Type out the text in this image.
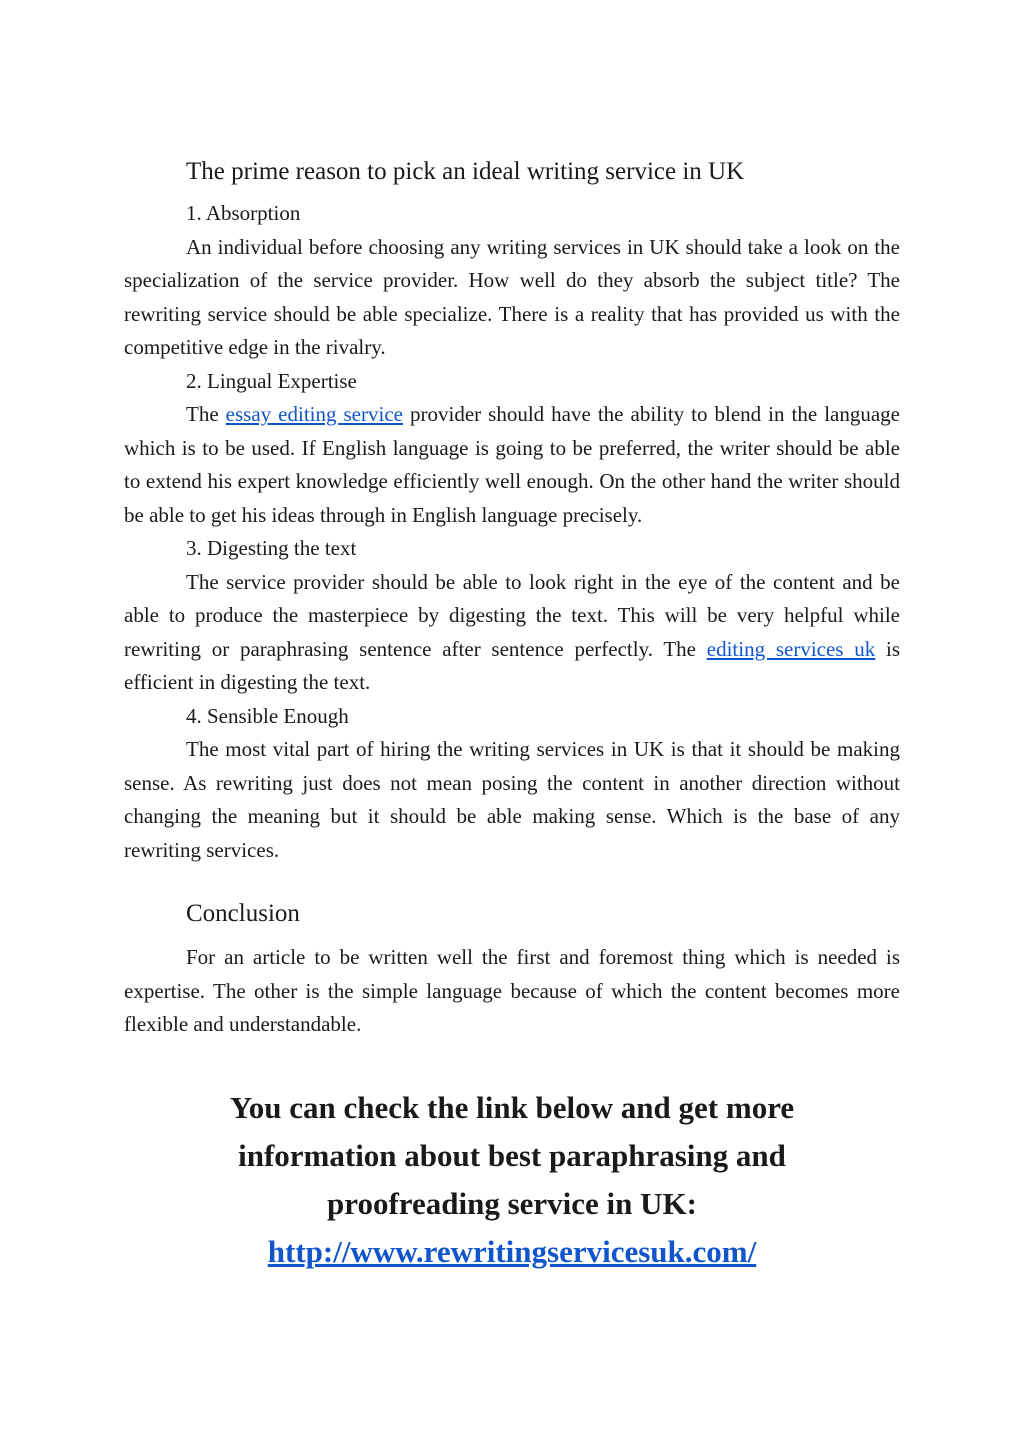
The prime reason to pick an ideal writing service in UK
1. Absorption

An individual before choosing any writing services in UK should take a look on the specialization of the service provider. How well do they absorb the subject title? The rewriting service should be able specialize. There is a reality that has provided us with the competitive edge in the rivalry.

2. Lingual Expertise

The essay editing service provider should have the ability to blend in the language which is to be used. If English language is going to be preferred, the writer should be able to extend his expert knowledge efficiently well enough. On the other hand the writer should be able to get his ideas through in English language precisely.

3. Digesting the text

The service provider should be able to look right in the eye of the content and be able to produce the masterpiece by digesting the text. This will be very helpful while rewriting or paraphrasing sentence after sentence perfectly. The editing services uk is efficient in digesting the text.

4. Sensible Enough

The most vital part of hiring the writing services in UK is that it should be making sense. As rewriting just does not mean posing the content in another direction without changing the meaning but it should be able making sense. Which is the base of any rewriting services.

Conclusion

For an article to be written well the first and foremost thing which is needed is expertise. The other is the simple language because of which the content becomes more flexible and understandable.

You can check the link below and get more information about best paraphrasing and proofreading service in UK:
http://www.rewritingservicesuk.com/
